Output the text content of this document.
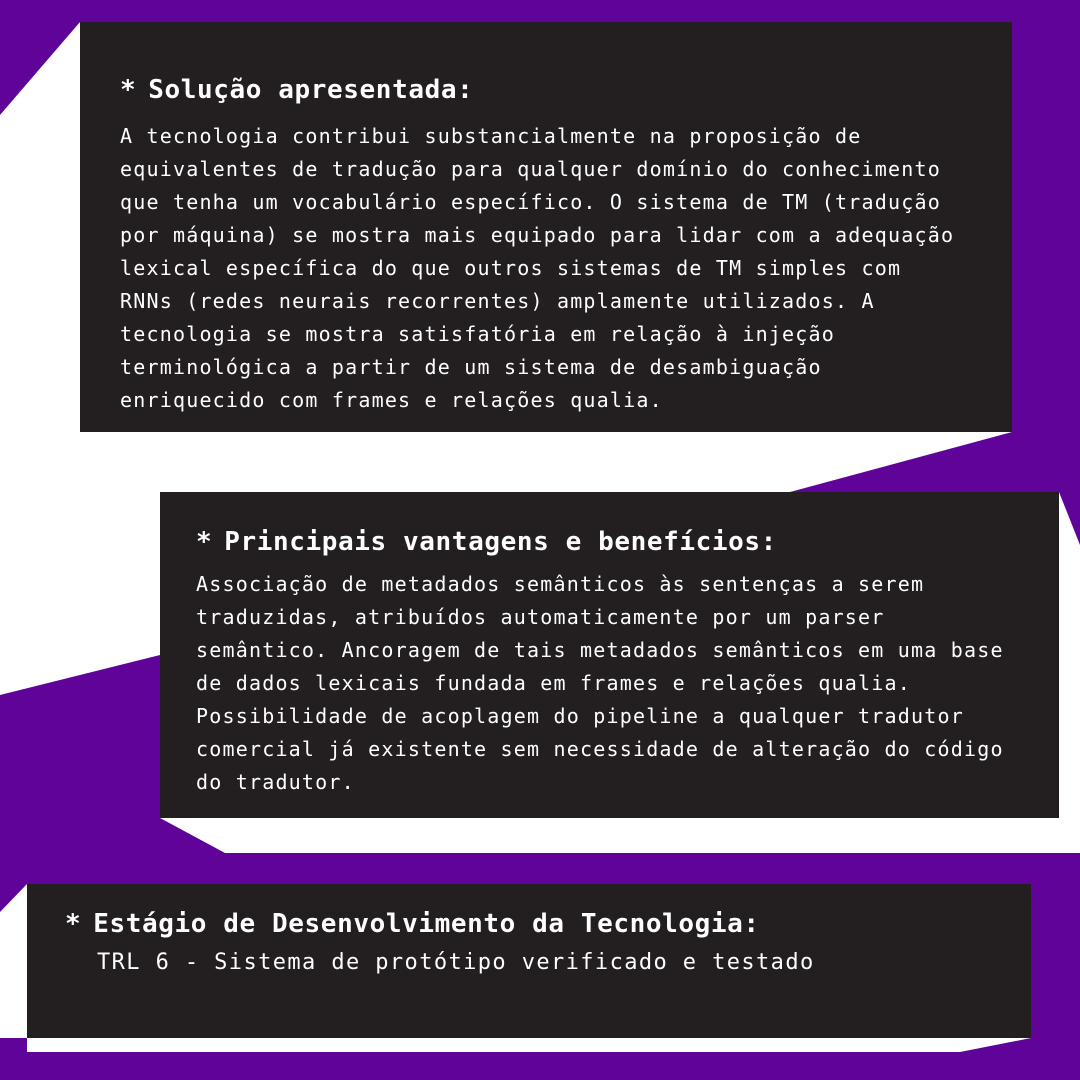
* Solução apresentada:

A tecnologia contribui substancialmente na proposição de
equivalentes de tradução para qualquer domínio do conhecimento
que tenha um vocabulário específico. O sistema de TM (tradução
por máquina) se mostra mais equipado para lidar com a adequação
lexical específica do que outros sistemas de TM simples com
RNNs (redes neurais recorrentes) amplamente utilizados. A
tecnologia se mostra satisfatória em relação à injeção
terminológica a partir de um sistema de desambiguação
enriquecido com frames e relações qualia.

* Principais vantagens e benefícios:

Associação de metadados semânticos às sentenças a serem
traduzidas, atribuídos automaticamente por um parser
semântico. Ancoragem de tais metadados semânticos em uma base
de dados lexicais fundada em frames e relações qualia.
Possibilidade de acoplagem do pipeline a qualquer tradutor
comercial já existente sem necessidade de alteração do código
do tradutor.

* Estágio de Desenvolvimento da Tecnologia:

TRL 6 - Sistema de protótipo verificado e testado
